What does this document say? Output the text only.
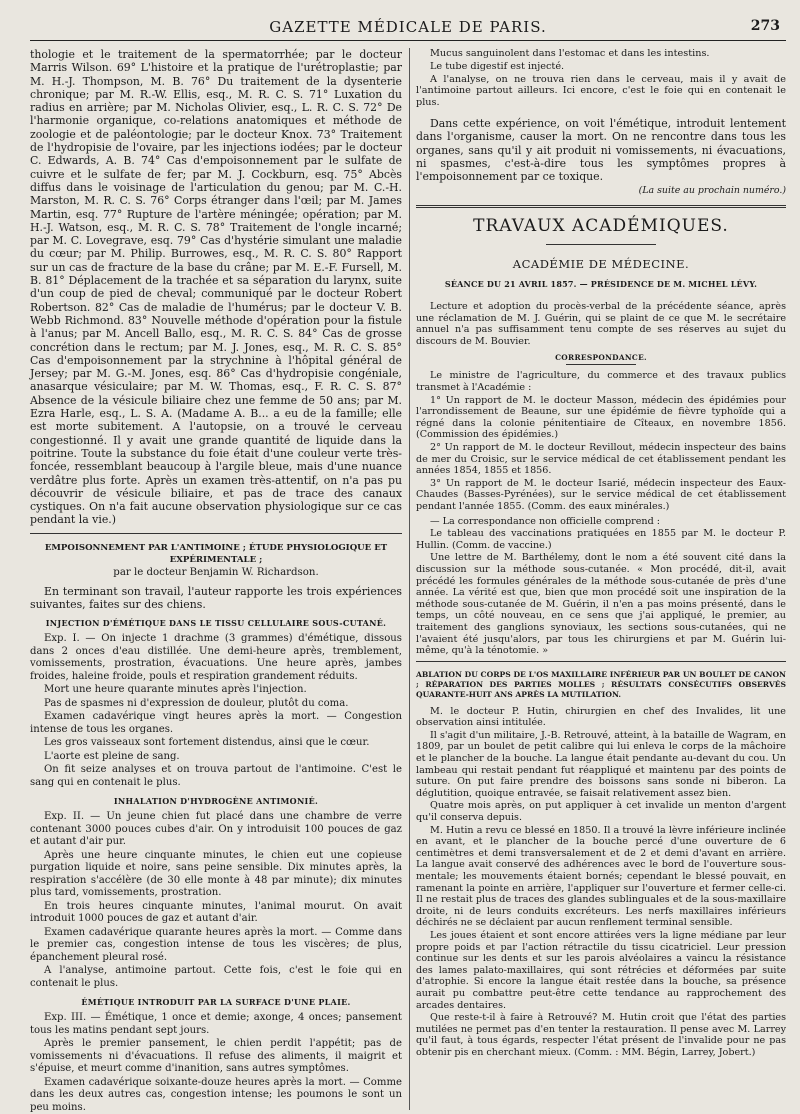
GAZETTE MÉDICALE DE PARIS.	273

thologie et le traitement de la spermatorrhée; par le docteur Marris Wilson. 69° L'histoire et la pratique de l'urétroplastie; par M. H.-J. Thompson, M. B. 76° Du traitement de la dysenterie chronique; par M. R.-W. Ellis, esq., M. R. C. S. 71° Luxation du radius en arrière; par M. Nicholas Olivier, esq., L. R. C. S. 72° De l'harmonie organique, co-relations anatomiques et méthode de zoologie et de paléontologie; par le docteur Knox. 73° Traitement de l'hydropisie de l'ovaire, par les injections iodées; par le docteur C. Edwards, A. B. 74° Cas d'empoisonnement par le sulfate de cuivre et le sulfate de fer; par M. J. Cockburn, esq. 75° Abcès diffus dans le voisinage de l'articulation du genou; par M. C.-H. Marston, M. R. C. S. 76° Corps étranger dans l'œil; par M. James Martin, esq. 77° Rupture de l'artère méningée; opération; par M. H.-J. Watson, esq., M. R. C. S. 78° Traitement de l'ongle incarné; par M. C. Lovegrave, esq. 79° Cas d'hystérie simulant une maladie du cœur; par M. Philip. Burrowes, esq., M. R. C. S. 80° Rapport sur un cas de fracture de la base du crâne; par M. E.-F. Fursell, M. B. 81° Déplacement de la trachée et sa séparation du larynx, suite d'un coup de pied de cheval; communiqué par le docteur Robert Robertson. 82° Cas de maladie de l'humérus; par le docteur V. B. Webb Richmond. 83° Nouvelle méthode d'opération pour la fistule à l'anus; par M. Ancell Ballo, esq., M. R. C. S. 84° Cas de grosse concrétion dans le rectum; par M. J. Jones, esq., M. R. C. S. 85° Cas d'empoisonnement par la strychnine à l'hôpital général de Jersey; par M. G.-M. Jones, esq. 86° Cas d'hydropisie congéniale, anasarque vésiculaire; par M. W. Thomas, esq., F. R. C. S. 87° Absence de la vésicule biliaire chez une femme de 50 ans; par M. Ezra Harle, esq., L. S. A. (Madame A. B... a eu de la famille; elle est morte subitement. A l'autopsie, on a trouvé le cerveau congestionné. Il y avait une grande quantité de liquide dans la poitrine. Toute la substance du foie était d'une couleur verte très-foncée, ressemblant beaucoup à l'argile bleue, mais d'une nuance verdâtre plus forte. Après un examen très-attentif, on n'a pas pu découvrir de vésicule biliaire, et pas de trace des canaux cystiques. On n'a fait aucune observation physiologique sur ce cas pendant la vie.)

EMPOISONNEMENT PAR L'ANTIMOINE ; ÉTUDE PHYSIOLOGIQUE ET EXPÉRIMENTALE ;
par le docteur Benjamin W. Richardson.

En terminant son travail, l'auteur rapporte les trois expériences suivantes, faites sur des chiens.

INJECTION D'ÉMÉTIQUE DANS LE TISSU CELLULAIRE SOUS-CUTANÉ.

Exp. I. — On injecte 1 drachme (3 grammes) d'émétique, dissous dans 2 onces d'eau distillée. Une demi-heure après, tremblement, vomissements, prostration, évacuations. Une heure après, jambes froides, haleine froide, pouls et respiration grandement réduits.

Mort une heure quarante minutes après l'injection.

Pas de spasmes ni d'expression de douleur, plutôt du coma.

Examen cadavérique vingt heures après la mort. — Congestion intense de tous les organes.

Les gros vaisseaux sont fortement distendus, ainsi que le cœur.

L'aorte est pleine de sang.

On fit seize analyses et on trouva partout de l'antimoine. C'est le sang qui en contenait le plus.

INHALATION D'HYDROGÈNE ANTIMONIÉ.

Exp. II. — Un jeune chien fut placé dans une chambre de verre contenant 3000 pouces cubes d'air. On y introduisit 100 pouces de gaz et autant d'air pur.

Après une heure cinquante minutes, le chien eut une copieuse purgation liquide et noire, sans peine sensible. Dix minutes après, la respiration s'accélère (de 30 elle monte à 48 par minute); dix minutes plus tard, vomissements, prostration.

En trois heures cinquante minutes, l'animal mourut. On avait introduit 1000 pouces de gaz et autant d'air.

Examen cadavérique quarante heures après la mort. — Comme dans le premier cas, congestion intense de tous les viscères; de plus, épanchement pleural rosé.

A l'analyse, antimoine partout. Cette fois, c'est le foie qui en contenait le plus.

ÉMÉTIQUE INTRODUIT PAR LA SURFACE D'UNE PLAIE.

Exp. III. — Émétique, 1 once et demie; axonge, 4 onces; pansement tous les matins pendant sept jours.

Après le premier pansement, le chien perdit l'appétit; pas de vomissements ni d'évacuations. Il refuse des aliments, il maigrit et s'épuise, et meurt comme d'inanition, sans autres symptômes.

Examen cadavérique soixante-douze heures après la mort. — Comme dans les deux autres cas, congestion intense; les poumons le sont un peu moins.

Mucus sanguinolent dans l'estomac et dans les intestins.

Le tube digestif est injecté.

A l'analyse, on ne trouva rien dans le cerveau, mais il y avait de l'antimoine partout ailleurs. Ici encore, c'est le foie qui en contenait le plus.

Dans cette expérience, on voit l'émétique, introduit lentement dans l'organisme, causer la mort. On ne rencontre dans tous les organes, sans qu'il y ait produit ni vomissements, ni évacuations, ni spasmes, c'est-à-dire tous les symptômes propres à l'empoisonnement par ce toxique.

(La suite au prochain numéro.)

TRAVAUX ACADÉMIQUES.
ACADÉMIE DE MÉDECINE.
SÉANCE DU 21 AVRIL 1857. — PRÉSIDENCE DE M. MICHEL LÉVY.

Lecture et adoption du procès-verbal de la précédente séance, après une réclamation de M. J. Guérin, qui se plaint de ce que M. le secrétaire annuel n'a pas suffisamment tenu compte de ses réserves au sujet du discours de M. Bouvier.

CORRESPONDANCE.

Le ministre de l'agriculture, du commerce et des travaux publics transmet à l'Académie :

1° Un rapport de M. le docteur Masson, médecin des épidémies pour l'arrondissement de Beaune, sur une épidémie de fièvre typhoïde qui a régné dans la colonie pénitentiaire de Cîteaux, en novembre 1856. (Commission des épidémies.)

2° Un rapport de M. le docteur Revillout, médecin inspecteur des bains de mer du Croisic, sur le service médical de cet établissement pendant les années 1854, 1855 et 1856.

3° Un rapport de M. le docteur Isarié, médecin inspecteur des Eaux-Chaudes (Basses-Pyrénées), sur le service médical de cet établissement pendant l'année 1855. (Comm. des eaux minérales.)

— La correspondance non officielle comprend :

Le tableau des vaccinations pratiquées en 1855 par M. le docteur P. Hullin. (Comm. de vaccine.)

Une lettre de M. Barthélemy, dont le nom a été souvent cité dans la discussion sur la méthode sous-cutanée. « Mon procédé, dit-il, avait précédé les formules générales de la méthode sous-cutanée de près d'une année. La vérité est que, bien que mon procédé soit une inspiration de la méthode sous-cutanée de M. Guérin, il n'en a pas moins présenté, dans le temps, un côté nouveau, en ce sens que j'ai appliqué, le premier, au traitement des ganglions synoviaux, les sections sous-cutanées, qui ne l'avaient été jusqu'alors, par tous les chirurgiens et par M. Guérin lui-même, qu'à la ténotomie. »

ABLATION DU CORPS DE L'OS MAXILLAIRE INFÉRIEUR PAR UN BOULET DE CANON ; RÉPARATION DES PARTIES MOLLES ; RÉSULTATS CONSÉCUTIFS OBSERVÉS QUARANTE-HUIT ANS APRÈS LA MUTILATION.

M. le docteur P. Hutin, chirurgien en chef des Invalides, lit une observation ainsi intitulée.

Il s'agit d'un militaire, J.-B. Retrouvé, atteint, à la bataille de Wagram, en 1809, par un boulet de petit calibre qui lui enleva le corps de la mâchoire et le plancher de la bouche. La langue était pendante au-devant du cou. Un lambeau qui restait pendant fut réappliqué et maintenu par des points de suture. On put faire prendre des boissons sans sonde ni biberon. La déglutition, quoique entravée, se faisait relativement assez bien.

Quatre mois après, on put appliquer à cet invalide un menton d'argent qu'il conserva depuis.

M. Hutin a revu ce blessé en 1850. Il a trouvé la lèvre inférieure inclinée en avant, et le plancher de la bouche percé d'une ouverture de 6 centimètres et demi transversalement et de 2 et demi d'avant en arrière. La langue avait conservé des adhérences avec le bord de l'ouverture sous-mentale; les mouvements étaient bornés; cependant le blessé pouvait, en ramenant la pointe en arrière, l'appliquer sur l'ouverture et fermer celle-ci. Il ne restait plus de traces des glandes sublinguales et de la sous-maxillaire droite, ni de leurs conduits excréteurs. Les nerfs maxillaires inférieurs déchirés ne se déclaient par aucun renflement terminal sensible.

Les joues étaient et sont encore attirées vers la ligne médiane par leur propre poids et par l'action rétractile du tissu cicatriciel. Leur pression continue sur les dents et sur les parois alvéolaires a vaincu la résistance des lames palato-maxillaires, qui sont rétrécies et déformées par suite d'atrophie. Si encore la langue était restée dans la bouche, sa présence aurait pu combattre peut-être cette tendance au rapprochement des arcades dentaires.

Que reste-t-il à faire à Retrouvé? M. Hutin croit que l'état des parties mutilées ne permet pas d'en tenter la restauration. Il pense avec M. Larrey qu'il faut, à tous égards, respecter l'état présent de l'invalide pour ne pas obtenir pis en cherchant mieux. (Comm. : MM. Bégin, Larrey, Jobert.)
